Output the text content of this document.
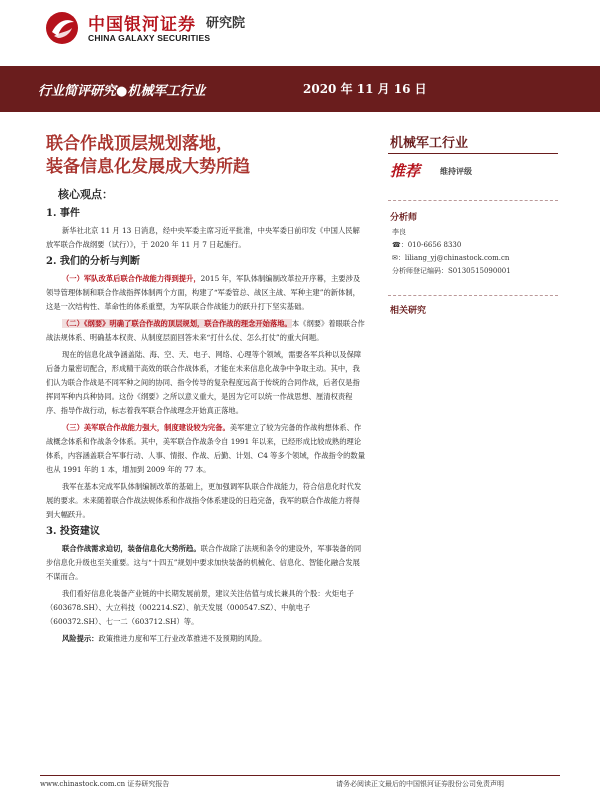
中国银河证券
CHINA GALAXY SECURITIES
研究院
行业简评研究●机械军工行业	2020 年 11 月 16 日
联合作战顶层规划落地，
装备信息化发展成大势所趋
核心观点：
1. 事件
新华社北京 11 月 13 日消息，经中央军委主席习近平批准，中央军委日前印发《中国人民解放军联合作战纲要（试行）》，于 2020 年 11 月 7 日起施行。
2. 我们的分析与判断
（一）军队改革后联合作战能力得到提升，2015 年，军队体制编制改革拉开序幕，主要涉及领导管理体制和联合作战指挥体制两个方面，构建了“军委管总、战区主战、军种主建”的新体制，这是一次结构性、革命性的体系重塑，为军队联合作战能力的跃升打下坚实基础。
（二）《纲要》明确了联合作战的顶层规划，联合作战的理念开始落地。本《纲要》着眼联合作战法规体系、明确基本权责、从制度层面回答未来“打什么仗、怎么打仗”的重大问题。
现在的信息化战争涵盖陆、海、空、天、电子、网络、心理等个领域，需要各军兵种以及保障后备力量密切配合，形成精干高效的联合作战体系，才能在未来信息化战争中争取主动。其中，我们认为联合作战是不同军种之间的协同、指令传导的复杂程度远高于传统的合同作战，后者仅是指挥同军种内兵种协同。这份《纲要》之所以意义重大，是因为它可以统一作战思想、厘清权责程序、指导作战行动，标志着我军联合作战理念开始真正落地。
（三）美军联合作战能力强大，制度建设较为完备。美军建立了较为完备的作战构想体系、作战概念体系和作战条令体系。其中，美军联合作战条令自 1991 年以来，已经形成比较成熟的理论体系，内容涵盖联合军事行动、人事、情报、作战、后勤、计划、C4 等多个领域，作战指令的数量也从 1991 年的 1 本，增加到 2009 年的 77 本。
我军在基本完成军队体制编制改革的基础上，更加强调军队联合作战能力，符合信息化时代发展的要求。未来随着联合作战法规体系和作战指令体系建设的日趋完备，我军的联合作战能力将得到大幅跃升。
3. 投资建议
联合作战需求迫切，装备信息化大势所趋。联合作战除了法规和条令的建设外，军事装备的同步信息化升级也至关重要。这与“十四五”规划中要求加快装备的机械化、信息化、智能化融合发展不谋而合。
我们看好信息化装备产业链的中长期发展前景，建议关注估值与成长兼具的个股：火炬电子（603678.SH）、大立科技（002214.SZ）、航天发展（000547.SZ）、中航电子（600372.SH）、七一二（603712.SH）等。
风险提示：政策推进力度和军工行业改革推进不及预期的风险。
机械军工行业
推荐 维持评级
分析师
李良
☎：010-6656 8330
✉：liliang_yj@chinastock.com.cn
分析师登记编码：S0130515090001
相关研究
www.chinastock.com.cn 证券研究报告	请务必阅读正文最后的中国银河证券股份公司免责声明
